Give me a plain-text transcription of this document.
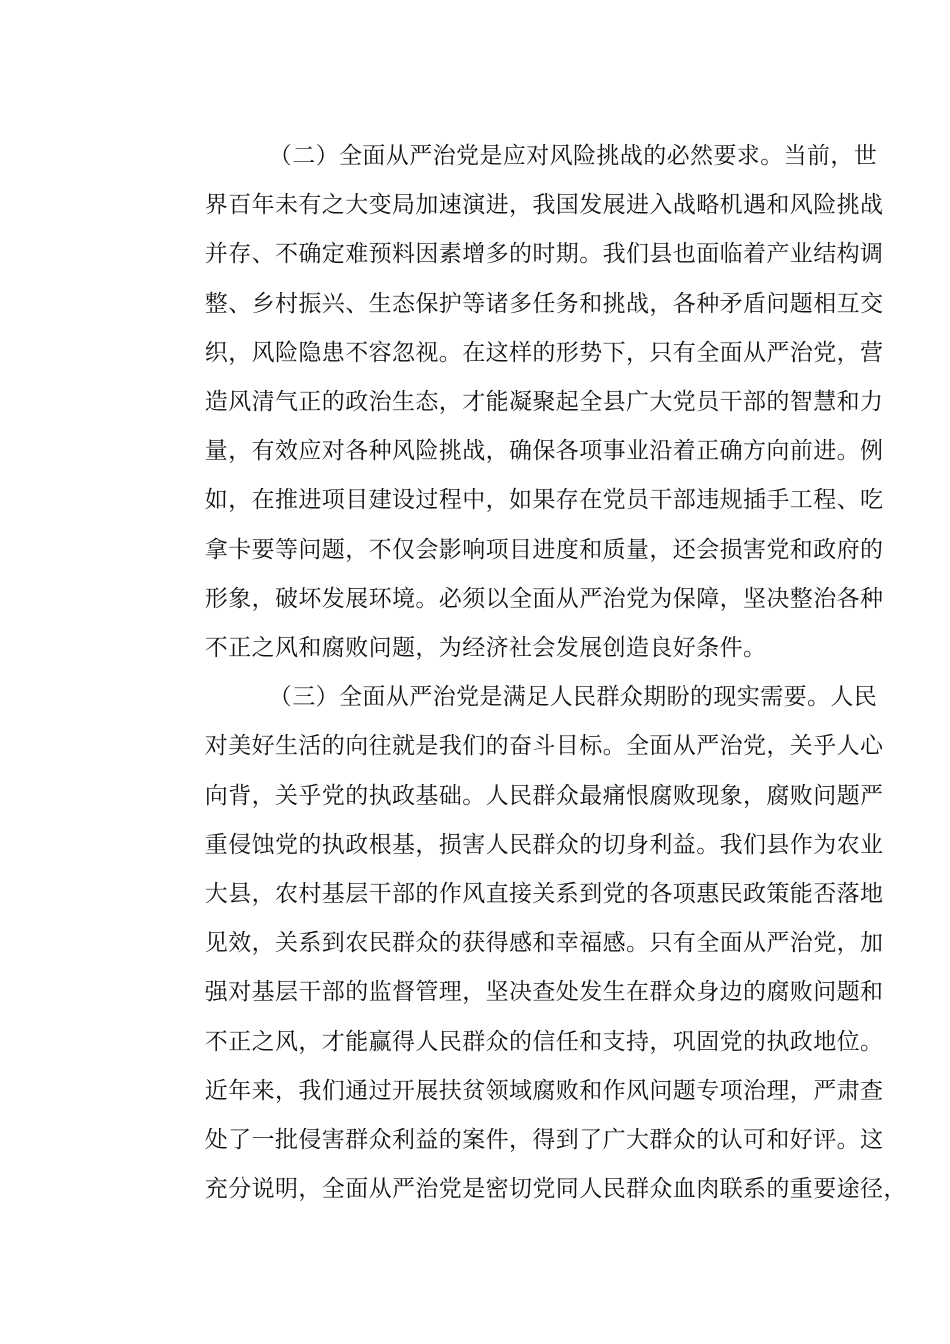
（二）全面从严治党是应对风险挑战的必然要求。当前，世
界百年未有之大变局加速演进，我国发展进入战略机遇和风险挑战
并存、不确定难预料因素增多的时期。我们县也面临着产业结构调
整、乡村振兴、生态保护等诸多任务和挑战，各种矛盾问题相互交
织，风险隐患不容忽视。在这样的形势下，只有全面从严治党，营
造风清气正的政治生态，才能凝聚起全县广大党员干部的智慧和力
量，有效应对各种风险挑战，确保各项事业沿着正确方向前进。例
如，在推进项目建设过程中，如果存在党员干部违规插手工程、吃
拿卡要等问题，不仅会影响项目进度和质量，还会损害党和政府的
形象，破坏发展环境。必须以全面从严治党为保障，坚决整治各种
不正之风和腐败问题，为经济社会发展创造良好条件。
（三）全面从严治党是满足人民群众期盼的现实需要。人民
对美好生活的向往就是我们的奋斗目标。全面从严治党，关乎人心
向背，关乎党的执政基础。人民群众最痛恨腐败现象，腐败问题严
重侵蚀党的执政根基，损害人民群众的切身利益。我们县作为农业
大县，农村基层干部的作风直接关系到党的各项惠民政策能否落地
见效，关系到农民群众的获得感和幸福感。只有全面从严治党，加
强对基层干部的监督管理，坚决查处发生在群众身边的腐败问题和
不正之风，才能赢得人民群众的信任和支持，巩固党的执政地位。
近年来，我们通过开展扶贫领域腐败和作风问题专项治理，严肃查
处了一批侵害群众利益的案件，得到了广大群众的认可和好评。这
充分说明，全面从严治党是密切党同人民群众血肉联系的重要途径，
